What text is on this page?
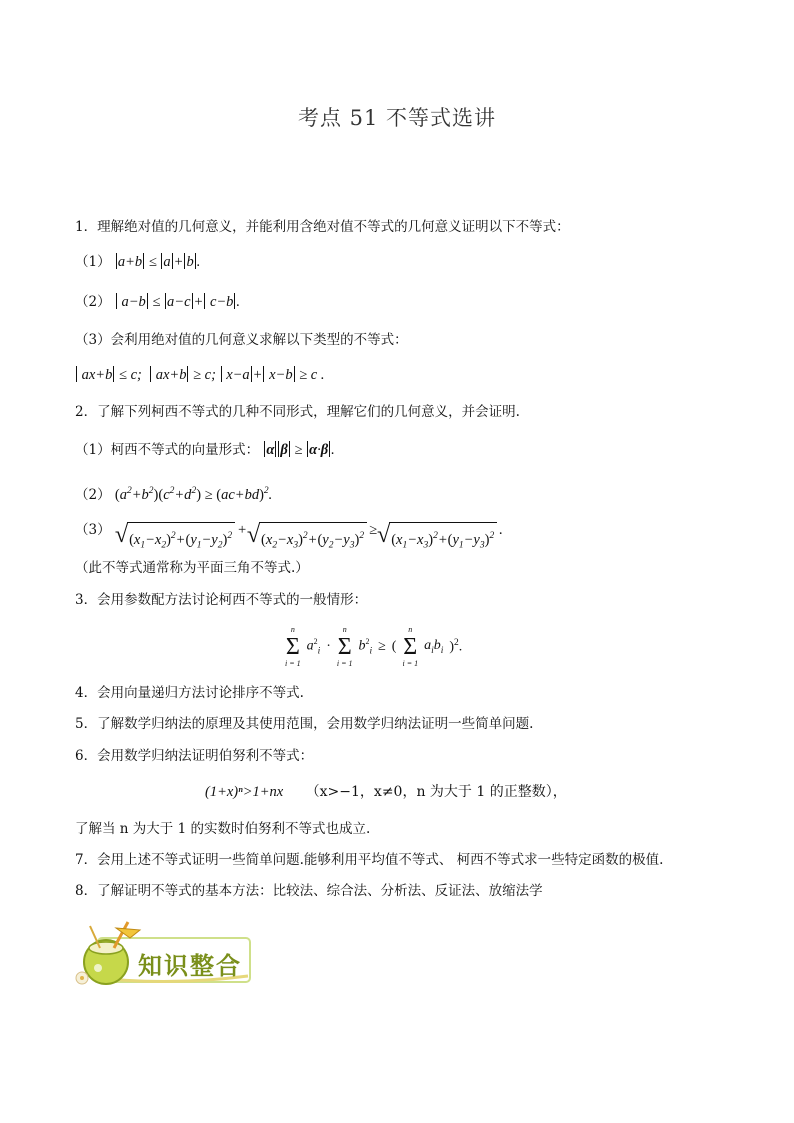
考点 51 不等式选讲
1．理解绝对值的几何意义，并能利用含绝对值不等式的几何意义证明以下不等式：
（1） a+b ≤ a + b .
（2）  a−b ≤ a−c + c−b .
（3）会利用绝对值的几何意义求解以下类型的不等式：
ax+b ≤ c;   ax+b ≥ c;  x−a + x−b ≥ c .
2．了解下列柯西不等式的几种不同形式，理解它们的几何意义，并会证明.
（1）柯西不等式的向量形式： α β ≥ α·β .
（2） $(a^2+b^2)(c^2+d^2) \ge (ac+bd)^2$.
（3） √ $(x_1-x_2)^2+(y_1-y_2)^2$ + √ $(x_2-x_3)^2+(y_2-y_3)^2$ ≥ √ $(x_1-x_3)^2+(y_1-y_3)^2$ .
（此不等式通常称为平面三角不等式.）
3．会用参数配方法讨论柯西不等式的一般情形：
n
Σ
i = 1
$a^2_i$ ·
n
Σ
i = 1
$b^2_i$ ≥ (
n
Σ
i = 1
$a_ib_i$ )$^2$.
4．会用向量递归方法讨论排序不等式.
5．了解数学归纳法的原理及其使用范围，会用数学归纳法证明一些简单问题.
6．会用数学归纳法证明伯努利不等式：
(1+x)ⁿ>1+nx （x>−1，x≠0，n 为大于 1 的正整数），
了解当 n 为大于 1 的实数时伯努利不等式也成立.
7．会用上述不等式证明一些简单问题.能够利用平均值不等式、 柯西不等式求一些特定函数的极值.
8．了解证明不等式的基本方法：比较法、综合法、分析法、反证法、放缩法学
知识整合
